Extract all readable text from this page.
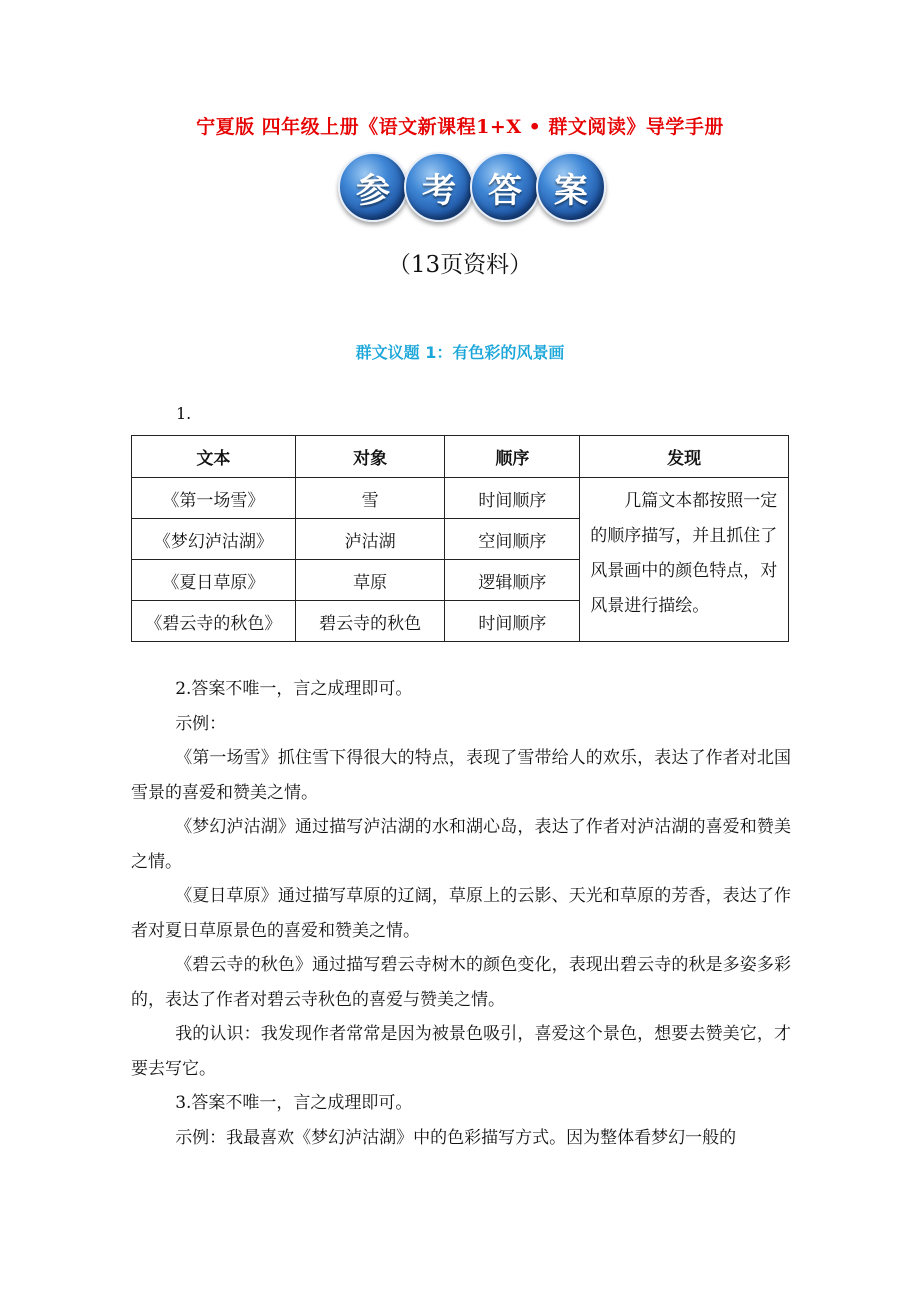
宁夏版 四年级上册《语文新课程1+X • 群文阅读》导学手册
参 考 答 案
（13页资料）
群文议题 1：有色彩的风景画
1.
文本	对象	顺序	发现
《第一场雪》	雪	时间顺序	几篇文本都按照一定的顺序描写，并且抓住了风景画中的颜色特点，对风景进行描绘。
《梦幻泸沽湖》	泸沽湖	空间顺序	
《夏日草原》	草原	逻辑顺序	
《碧云寺的秋色》	碧云寺的秋色	时间顺序	

2.答案不唯一，言之成理即可。

示例：

《第一场雪》抓住雪下得很大的特点，表现了雪带给人的欢乐，表达了作者对北国雪景的喜爱和赞美之情。

《梦幻泸沽湖》通过描写泸沽湖的水和湖心岛，表达了作者对泸沽湖的喜爱和赞美之情。

《夏日草原》通过描写草原的辽阔，草原上的云影、天光和草原的芳香，表达了作者对夏日草原景色的喜爱和赞美之情。

《碧云寺的秋色》通过描写碧云寺树木的颜色变化，表现出碧云寺的秋是多姿多彩的，表达了作者对碧云寺秋色的喜爱与赞美之情。

我的认识：我发现作者常常是因为被景色吸引，喜爱这个景色，想要去赞美它，才要去写它。

3.答案不唯一，言之成理即可。

示例：我最喜欢《梦幻泸沽湖》中的色彩描写方式。因为整体看梦幻一般的
